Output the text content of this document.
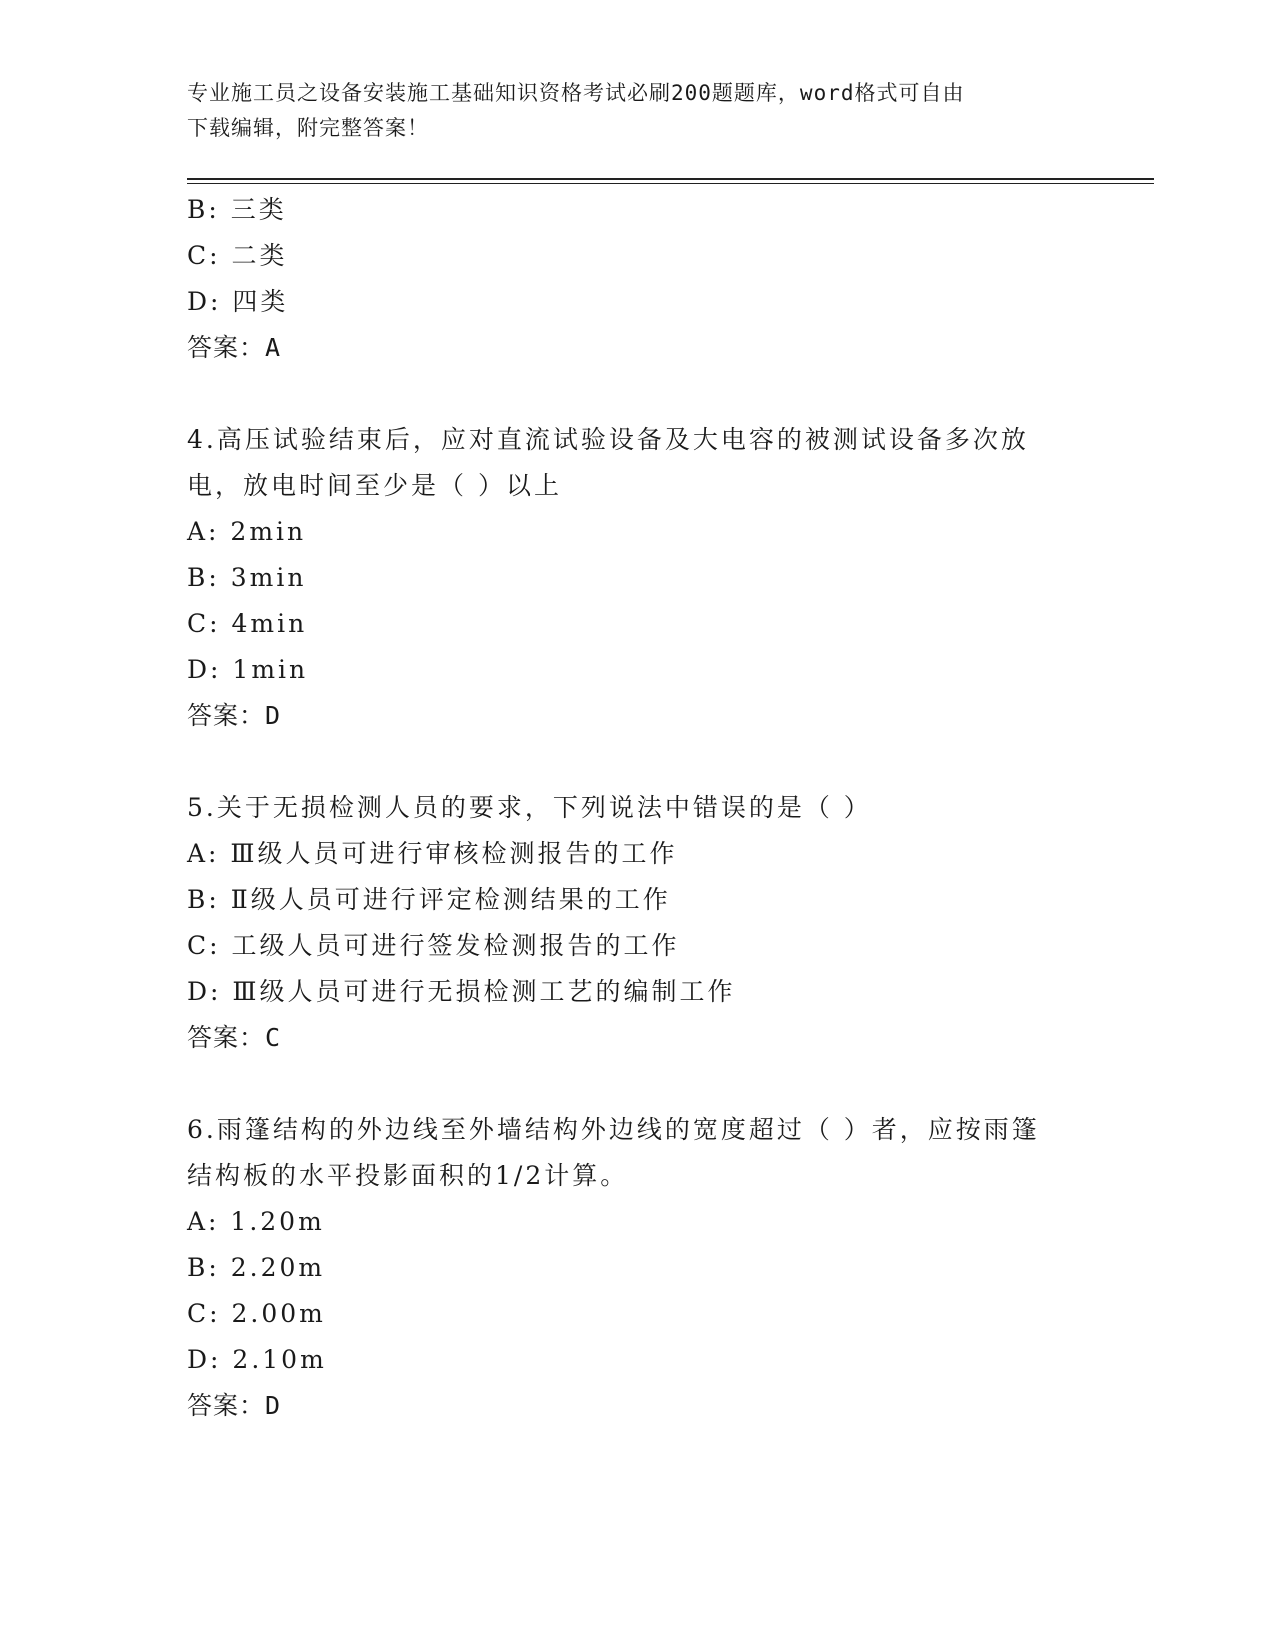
专业施工员之设备安装施工基础知识资格考试必刷200题题库，word格式可自由
下载编辑，附完整答案！
B: 三类
C: 二类
D: 四类
答案：A
4.高压试验结束后，应对直流试验设备及大电容的被测试设备多次放
电，放电时间至少是（ ）以上
A: 2min
B: 3min
C: 4min
D: 1min
答案：D
5.关于无损检测人员的要求，下列说法中错误的是（ ）
A: Ⅲ级人员可进行审核检测报告的工作
B: Ⅱ级人员可进行评定检测结果的工作
C: 工级人员可进行签发检测报告的工作
D: Ⅲ级人员可进行无损检测工艺的编制工作
答案：C
6.雨篷结构的外边线至外墙结构外边线的宽度超过（ ）者，应按雨篷
结构板的水平投影面积的1/2计算。
A: 1.20m
B: 2.20m
C: 2.00m
D: 2.10m
答案：D
